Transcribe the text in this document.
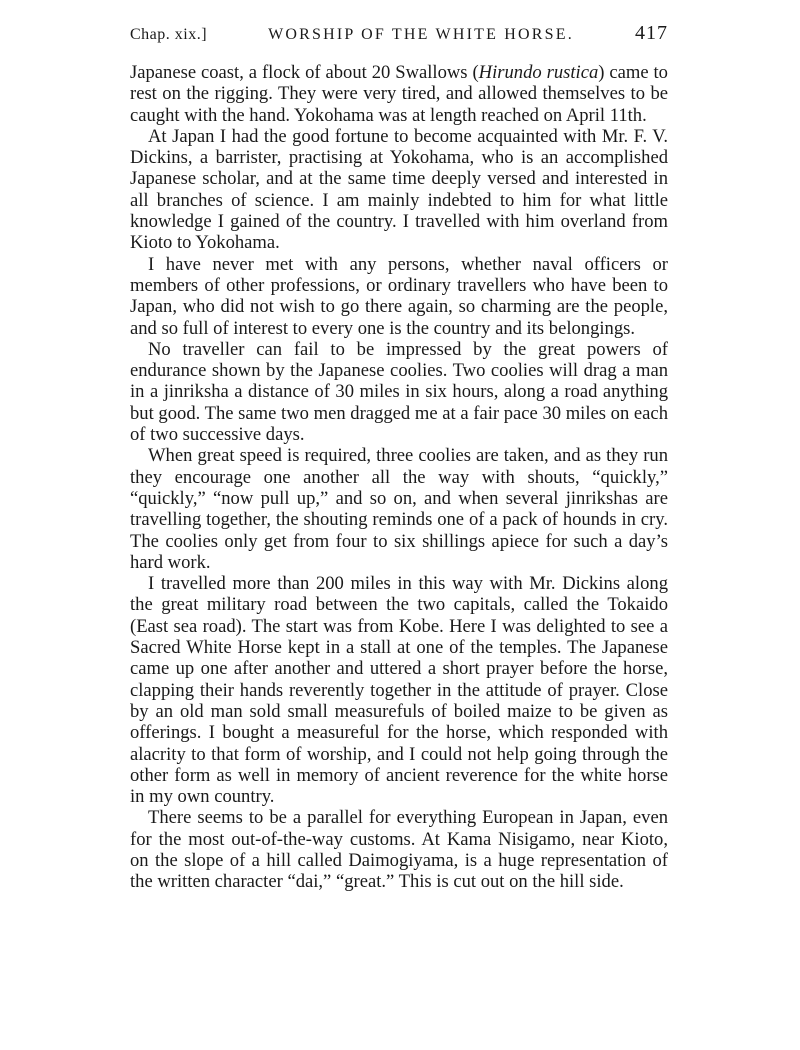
Chap. xix.]	WORSHIP OF THE WHITE HORSE.	417

Japanese coast, a flock of about 20 Swallows (Hirundo rustica) came to rest on the rigging. They were very tired, and allowed themselves to be caught with the hand. Yokohama was at length reached on April 11th.

At Japan I had the good fortune to become acquainted with Mr. F. V. Dickins, a barrister, practising at Yokohama, who is an accomplished Japanese scholar, and at the same time deeply versed and interested in all branches of science. I am mainly indebted to him for what little knowledge I gained of the country. I travelled with him overland from Kioto to Yokohama.

I have never met with any persons, whether naval officers or members of other professions, or ordinary travellers who have been to Japan, who did not wish to go there again, so charming are the people, and so full of interest to every one is the country and its belongings.

No traveller can fail to be impressed by the great powers of endurance shown by the Japanese coolies. Two coolies will drag a man in a jinriksha a distance of 30 miles in six hours, along a road anything but good. The same two men dragged me at a fair pace 30 miles on each of two successive days.

When great speed is required, three coolies are taken, and as they run they encourage one another all the way with shouts, “quickly,” “quickly,” “now pull up,” and so on, and when several jinrikshas are travelling together, the shouting reminds one of a pack of hounds in cry. The coolies only get from four to six shillings apiece for such a day’s hard work.

I travelled more than 200 miles in this way with Mr. Dickins along the great military road between the two capitals, called the Tokaido (East sea road). The start was from Kobe. Here I was delighted to see a Sacred White Horse kept in a stall at one of the temples. The Japanese came up one after another and uttered a short prayer before the horse, clapping their hands reverently together in the attitude of prayer. Close by an old man sold small measurefuls of boiled maize to be given as offerings. I bought a measureful for the horse, which responded with alacrity to that form of worship, and I could not help going through the other form as well in memory of ancient reverence for the white horse in my own country.

There seems to be a parallel for everything European in Japan, even for the most out-of-the-way customs. At Kama Nisigamo, near Kioto, on the slope of a hill called Daimogiyama, is a huge representation of the written character “dai,” “great.” This is cut out on the hill side.
